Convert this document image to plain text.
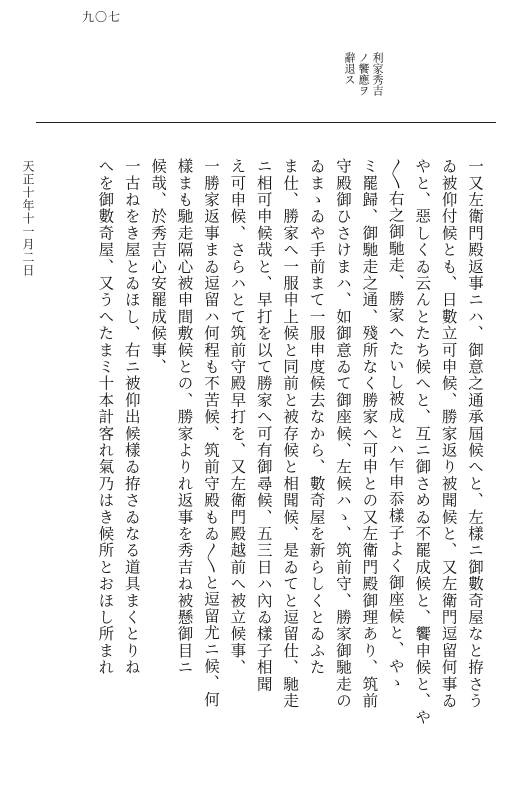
九〇七
利家秀吉
ノ饗應ヲ
辭退ス
一又左衛門殿返事ニハ、御意之通承屆候へと、左樣ニ御數奇屋なと拵さう
ゐ被仰付候とも、日數立可申候、勝家返り被聞候と、又左衛門逗留何事ゐ
やと、惡しくゐ云んとたち候へと、互ニ御さめゐ不罷成候と、饗申候と、や
〱右之御馳走、勝家へたいし被成とハ乍申忝樣子よく御座候と、やゝ
ミ罷歸、御馳走之通、殘所なく勝家へ可申との又左衛門殿御理あり、筑前
守殿御ひさけまハ、如御意ゐて御座候、左候ハゝ、筑前守、勝家御馳走の
ゐまゝゐや手前まて一服申度候去なから、數奇屋を新らしくとゐふた
ま仕、勝家へ一服申上候と同前と被存候と相聞候、是ゐてと逗留仕、馳走
ニ相可申候哉と、早打を以て勝家へ可有御尋候、五三日ハ內ゐ樣子相聞
え可申候、さらハとて筑前守殿早打を、又左衛門殿越前へ被立候事、
一勝家返事まゐ逗留ハ何程も不苦候、筑前守殿もゐ〱と逗留尤ニ候、何
樣まも馳走隔心被申間敷候との、勝家よりれ返事を秀吉ね被懸御目ニ
候哉、於秀吉心安罷成候事、
一古ねをき屋とゐほし、右ニ被仰出候樣ゐ拵さゐなる道具まくとりね
へを御數奇屋、又うへたまミ十本計客れ氣乃はき候所とおほし所まれ
天正十年十一月二日
